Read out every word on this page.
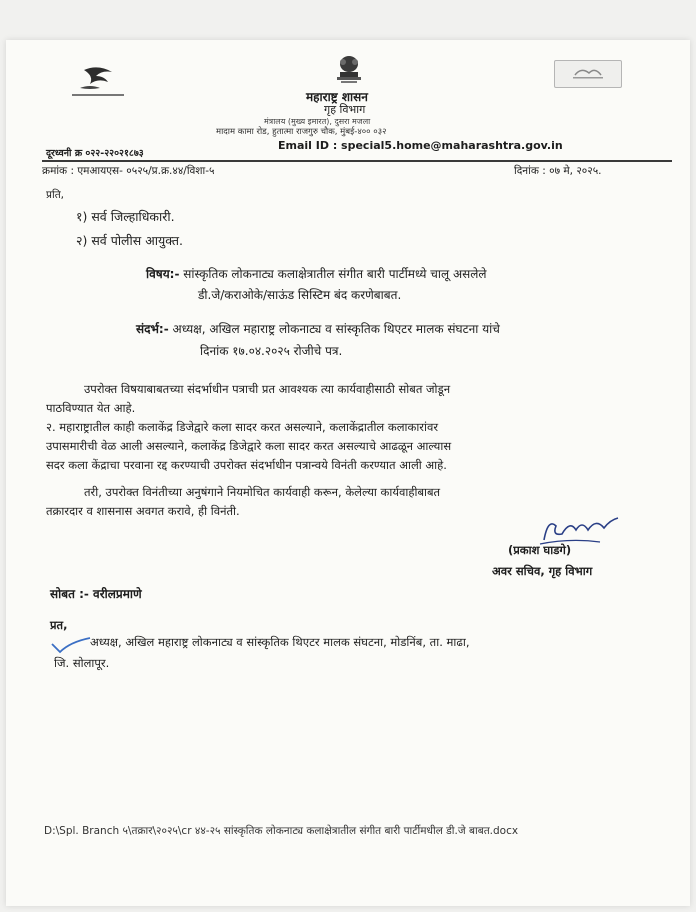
महाराष्ट्र शासन
गृह विभाग
मंत्रालय (मुख्य इमारत), दुसरा मजला
मादाम कामा रोड, हुतात्मा राजगुरु चौक, मुंबई-४०० ०३२
Email ID : special5.home@maharashtra.gov.in
दूरध्वनी क्र ०२२-२२०२१८७३
क्रमांक : एमआयएस- ०५२५/प्र.क्र.४४/विशा-५	दिनांक : ०७ मे, २०२५.
प्रति,
१) सर्व जिल्हाधिकारी.
२) सर्व पोलीस आयुक्त.
विषय:- सांस्कृतिक लोकनाट्य कलाक्षेत्रातील संगीत बारी पार्टीमध्ये चालू असलेले
डी.जे/कराओके/साऊंड सिस्टिम बंद करणेबाबत.
संदर्भ:- अध्यक्ष, अखिल महाराष्ट्र लोकनाट्य व सांस्कृतिक थिएटर मालक संघटना यांचे
दिनांक १७.०४.२०२५ रोजीचे पत्र.
उपरोक्त विषयाबाबतच्या संदर्भाधीन पत्राची प्रत आवश्यक त्या कार्यवाहीसाठी सोबत जोडून
पाठविण्यात येत आहे.
२. महाराष्ट्रातील काही कलाकेंद्र डिजेद्वारे कला सादर करत असल्याने, कलाकेंद्रातील कलाकारांवर
उपासमारीची वेळ आली असल्याने, कलाकेंद्र डिजेद्वारे कला सादर करत असल्याचे आढळून आल्यास
सदर कला केंद्राचा परवाना रद्द करण्याची उपरोक्त संदर्भाधीन पत्रान्वये विनंती करण्यात आली आहे.
तरी, उपरोक्त विनंतीच्या अनुषंगाने नियमोचित कार्यवाही करून, केलेल्या कार्यवाहीबाबत
तक्रारदार व शासनास अवगत करावे, ही विनंती.
(प्रकाश घाडगे)
अवर सचिव, गृह विभाग
सोबत :- वरीलप्रमाणे
प्रत,
अध्यक्ष, अखिल महाराष्ट्र लोकनाट्य व सांस्कृतिक थिएटर मालक संघटना, मोडनिंब, ता. माढा,
जि. सोलापूर.
D:\Spl. Branch ५\तक्रार\२०२५\cr ४४-२५ सांस्कृतिक लोकनाट्य कलाक्षेत्रातील संगीत बारी पार्टीमधील डी.जे बाबत.docx
